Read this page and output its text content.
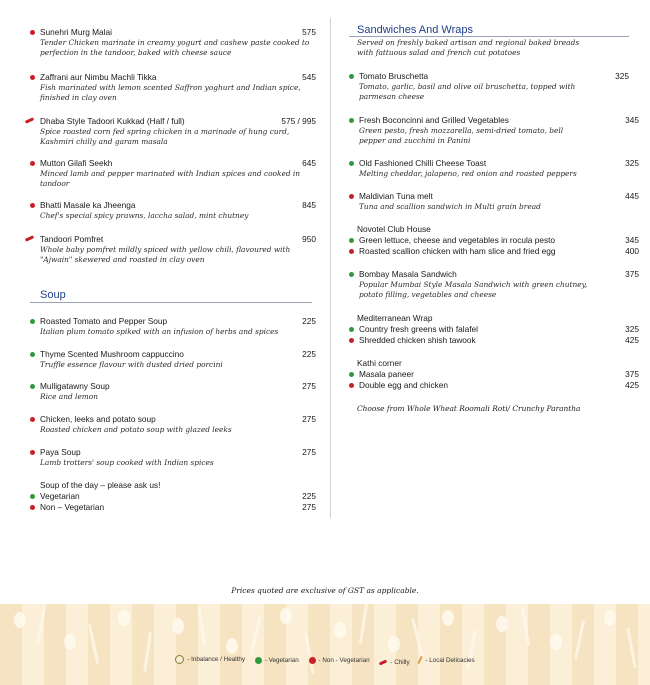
Sunehri Murg Malai	575
Tender Chicken marinate in creamy yogurt and cashew paste cooked to perfection in the tandoor, baked with cheese sauce
Zaffrani aur Nimbu Machli Tikka	545
Fish marinated with lemon scented Saffron yoghurt and Indian spice, finished in clay oven
Dhaba Style Tadoori Kukkad (Half / full)	575 / 995
Spice roasted corn fed spring chicken in a marinade of hung curd, Kashmiri chilly and garam masala
Mutton Gilafi Seekh	645
Minced lamb and pepper marinated with Indian spices and cooked in tandoor
Bhatti Masale ka Jheenga	845
Chef's special spicy prawns, laccha salad, mint chutney
Tandoori Pomfret	950
Whole baby pomfret mildly spiced with yellow chili, flavoured with "Ajwain" skewered and roasted in clay oven
Soup
Roasted Tomato and Pepper Soup	225
Italian plum tomato spiked with an infusion of herbs and spices
Thyme Scented Mushroom cappuccino	225
Truffle essence flavour with dusted dried porcini
Mulligatawny Soup	275
Rice and lemon
Chicken, leeks and potato soup	275
Roasted chicken and potato soup with glazed leeks
Paya Soup	275
Lamb trotters' soup cooked with Indian spices
Soup of the day – please ask us!
Vegetarian	225
Non – Vegetarian	275
Sandwiches And Wraps
Served on freshly baked artisan and regional baked breads with fattuous salad and french cut potatoes
Tomato Bruschetta	325
Tomato, garlic, basil and olive oil bruschetta, topped with parmesan cheese
Fresh Boconcinni and Grilled Vegetables	345
Green pesto, fresh mozzarella, semi-dried tomato, bell pepper and zucchini in Panini
Old Fashioned Chilli Cheese Toast	325
Melting cheddar, jalapeno, red onion and roasted peppers
Maldivian Tuna melt	445
Tuna and scallion sandwich in Multi grain bread
Novotel Club House
Green lettuce, cheese and vegetables in rocula pesto	345
Roasted scallion chicken with ham slice and fried egg	400
Bombay Masala Sandwich	375
Popular Mumbai Style Masala Sandwich with green chutney, potato filling, vegetables and cheese
Mediterranean Wrap
Country fresh greens with falafel	325
Shredded chicken shish tawook	425
Kathi corner
Masala paneer	375
Double egg and chicken	425
Choose from Whole Wheat Roomali Roti/ Crunchy Parantha
Prices quoted are exclusive of GST as applicable.
- Inbalance / Healthy
	- Vegetarian
	- Non - Vegetarian
	- Chilly
	- Local Delicacies
